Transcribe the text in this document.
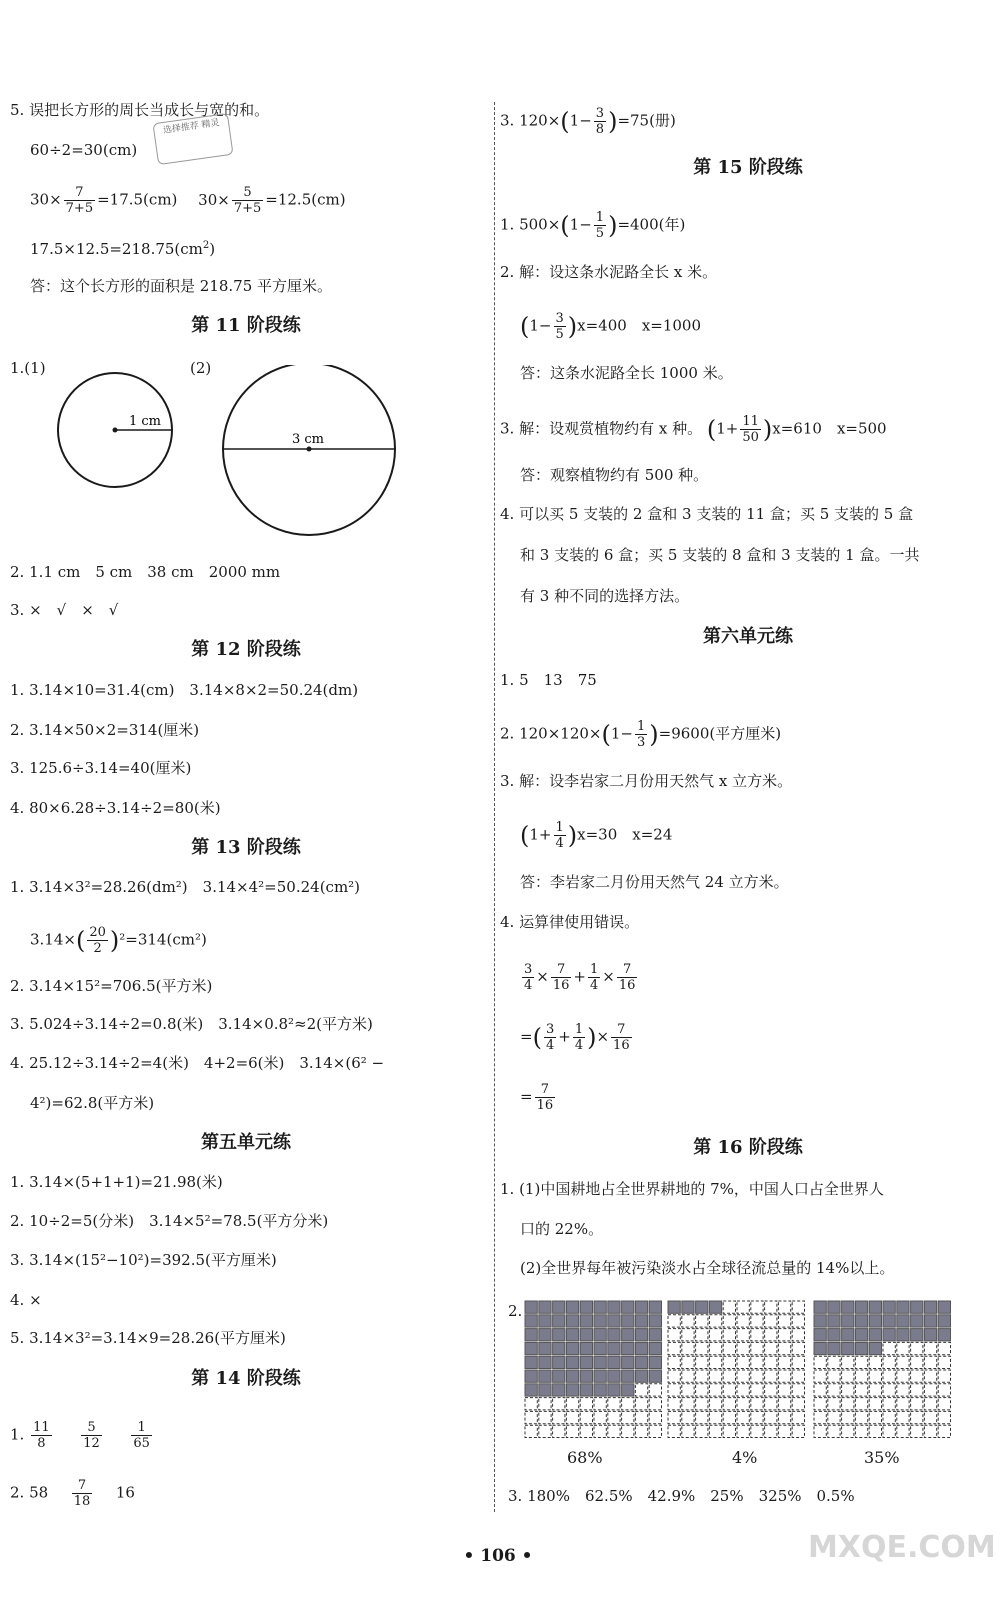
5. 误把长方形的周长当成长与宽的和。
60÷2=30(cm)
$30\times \frac{7}{7+5} =17.5(cm)$ $30\times \frac{5}{7+5} =12.5(cm)$
$17.5\times 12.5=218.75(cm^2)$
答：这个长方形的面积是 218.75 平方厘米。
第 11 阶段练
1.(1)	(2)
1 cm
3 cm
2. 1.1 cm　5 cm　38 cm　2000 mm
3. ×　√　×　√
第 12 阶段练
1. 3.14×10=31.4(cm)　3.14×8×2=50.24(dm)
2. 3.14×50×2=314(厘米)
3. 125.6÷3.14=40(厘米)
4. 80×6.28÷3.14÷2=80(米)
第 13 阶段练
1. 3.14×3²=28.26(dm²)　3.14×4²=50.24(cm²)
$3.14\times( \frac{20}{2} )^2=314(cm^2)$
2. 3.14×15²=706.5(平方米)
3. 5.024÷3.14÷2=0.8(米)　3.14×0.8²≈2(平方米)
4. 25.12÷3.14÷2=4(米)　4+2=6(米)　3.14×(6² −
4²)=62.8(平方米)
第五单元练
1. 3.14×(5+1+1)=21.98(米)
2. 10÷2=5(分米)　3.14×5²=78.5(平方分米)
3. 3.14×(15²−10²)=392.5(平方厘米)
4. ×
5. 3.14×3²=3.14×9=28.26(平方厘米)
第 14 阶段练
1. $\frac{11}{8}$
$\frac{5}{12}$
$\frac{1}{65}$
2. $58 \frac{7}{18} 16$
3. $120\times(1- \frac{3}{8} )=75$(册)
第 15 阶段练
1. $500\times(1- \frac{1}{5} )=400$(年)
2. 解：设这条水泥路全长 x 米。
$(1- \frac{3}{5} )x=400$　x=1000
答：这条水泥路全长 1000 米。
3. 解：设观赏植物约有 x 种。 $(1+ \frac{11}{50} )x=610$　x=500
答：观察植物约有 500 种。
4. 可以买 5 支装的 2 盒和 3 支装的 11 盒；买 5 支装的 5 盒
和 3 支装的 6 盒；买 5 支装的 8 盒和 3 支装的 1 盒。一共
有 3 种不同的选择方法。
第六单元练
1. 5　13　75
2. $120\times 120\times(1- \frac{1}{3} )=9600$(平方厘米)
3. 解：设李岩家二月份用天然气 x 立方米。
$(1+ \frac{1}{4} )x=30$　x=24
答：李岩家二月份用天然气 24 立方米。
4. 运算律使用错误。
$\frac{3}{4} \times \frac{7}{16} + \frac{1}{4} \times \frac{7}{16}$
=( $\frac{3}{4} + \frac{1}{4}$ )× $\frac{7}{16}$
= $\frac{7}{16}$
第 16 阶段练
1. (1)中国耕地占全世界耕地的 7%，中国人口占全世界人
口的 22%。
(2)全世界每年被污染淡水占全球径流总量的 14%以上。
2.
68%	4%	35%
3. 180%　62.5%　42.9%　25%　325%　0.5%
选择推荐 精灵
• 106 •	MXQE.COM
